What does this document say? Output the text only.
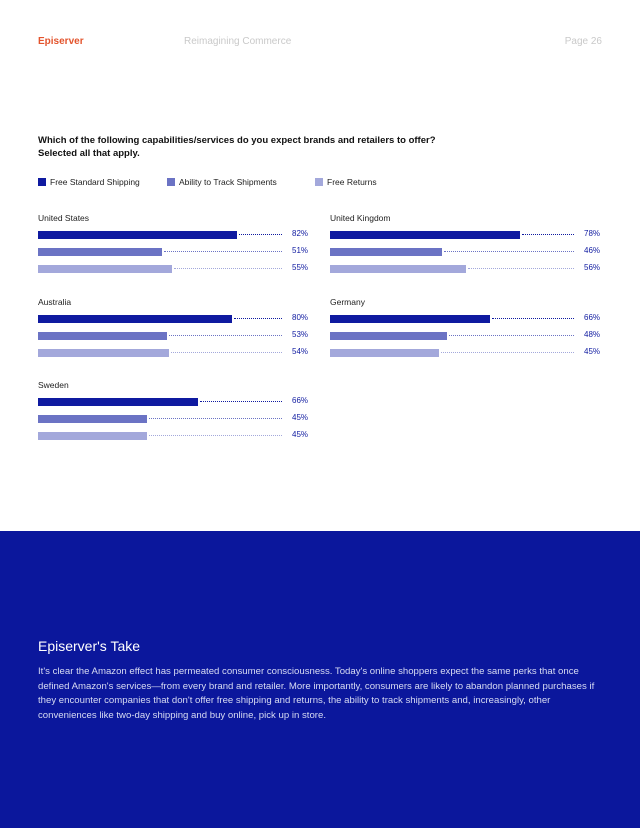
Episerver	Reimagining Commerce	Page 26
Which of the following capabilities/services do you expect brands and retailers to offer?
Selected all that apply.
Free Standard Shipping	Ability to Track Shipments	Free Returns
United States
82%
51%
55%
United Kingdom
78%
46%
56%
Australia
80%
53%
54%
Germany
66%
48%
45%
Sweden
66%
45%
45%
Episerver's Take
It's clear the Amazon effect has permeated consumer consciousness. Today's online shoppers expect the same perks that once defined Amazon's services—from every brand and retailer. More importantly, consumers are likely to abandon planned purchases if they encounter companies that don't offer free shipping and returns, the ability to track shipments and, increasingly, other conveniences like two-day shipping and buy online, pick up in store.
